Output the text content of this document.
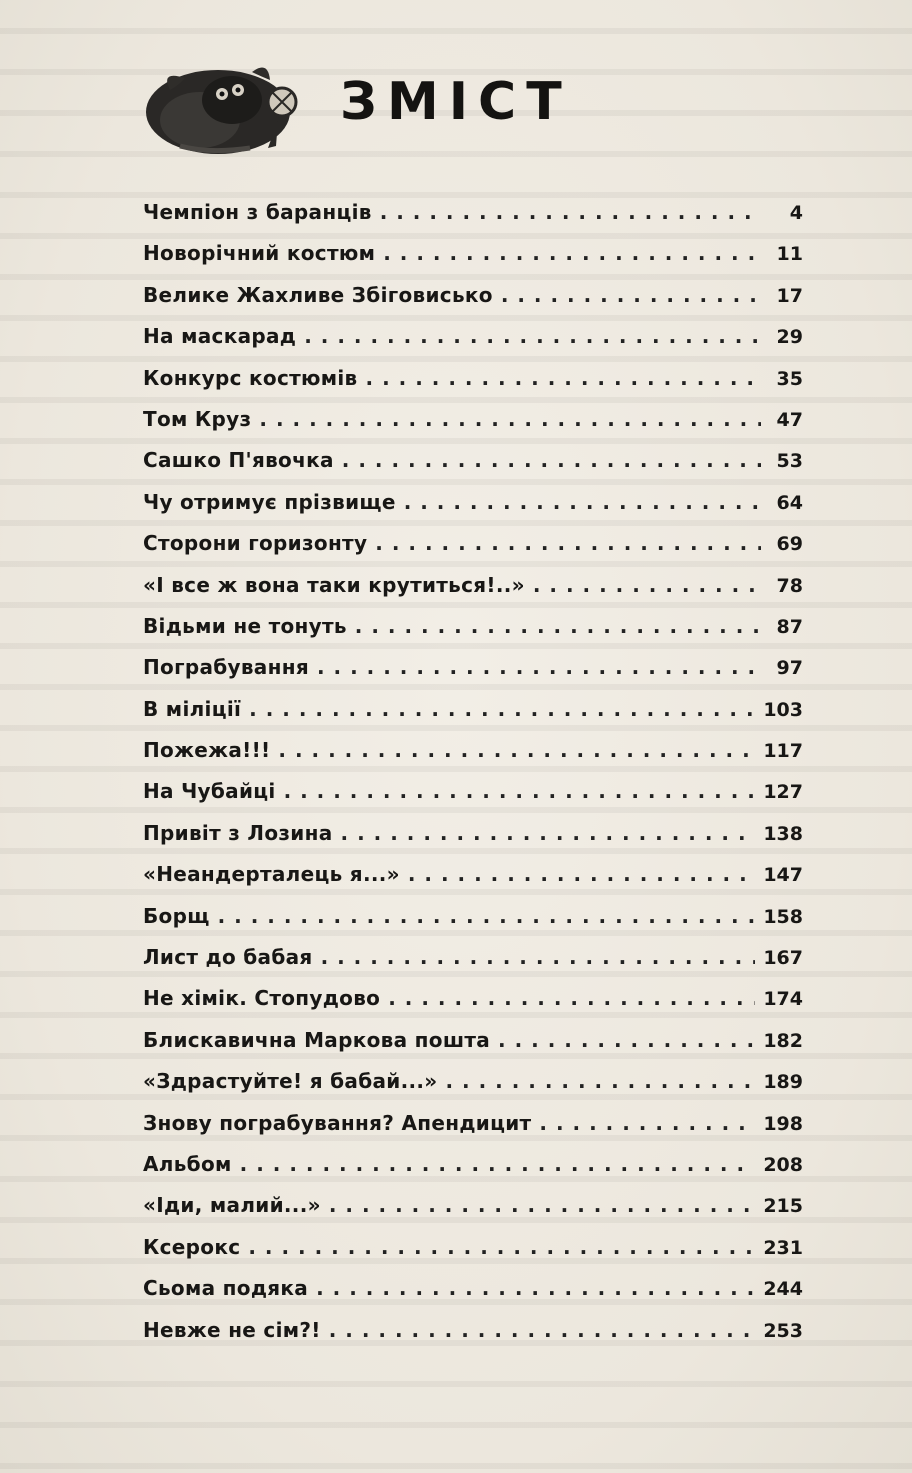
ЗМІСТ
Чемпіон з баранців . . .	4
Новорічний костюм . . .	11
Велике Жахливе Збіговисько . . .	17
На маскарад . . .	29
Конкурс костюмів . . .	35
Том Круз . . .	47
Сашко П'явочка . . .	53
Чу отримує прізвище . . .	64
Сторони горизонту . . .	69
«І все ж вона таки крутиться!..» . . .	78
Відьми не тонуть . . .	87
Пограбування . . .	97
В міліції . . .	103
Пожежа!!! . . .	117
На Чубайці . . .	127
Привіт з Лозина . . .	138
«Неандерталець я...» . . .	147
Борщ . . .	158
Лист до бабая . . .	167
Не хімік. Стопудово . . .	174
Блискавична Маркова пошта . . .	182
«Здрастуйте! я бабай...» . . .	189
Знову пограбування? Апендицит . . .	198
Альбом . . .	208
«Іди, малий...» . . .	215
Ксерокс . . .	231
Сьома подяка . . .	244
Невже не сім?! . . .	253
